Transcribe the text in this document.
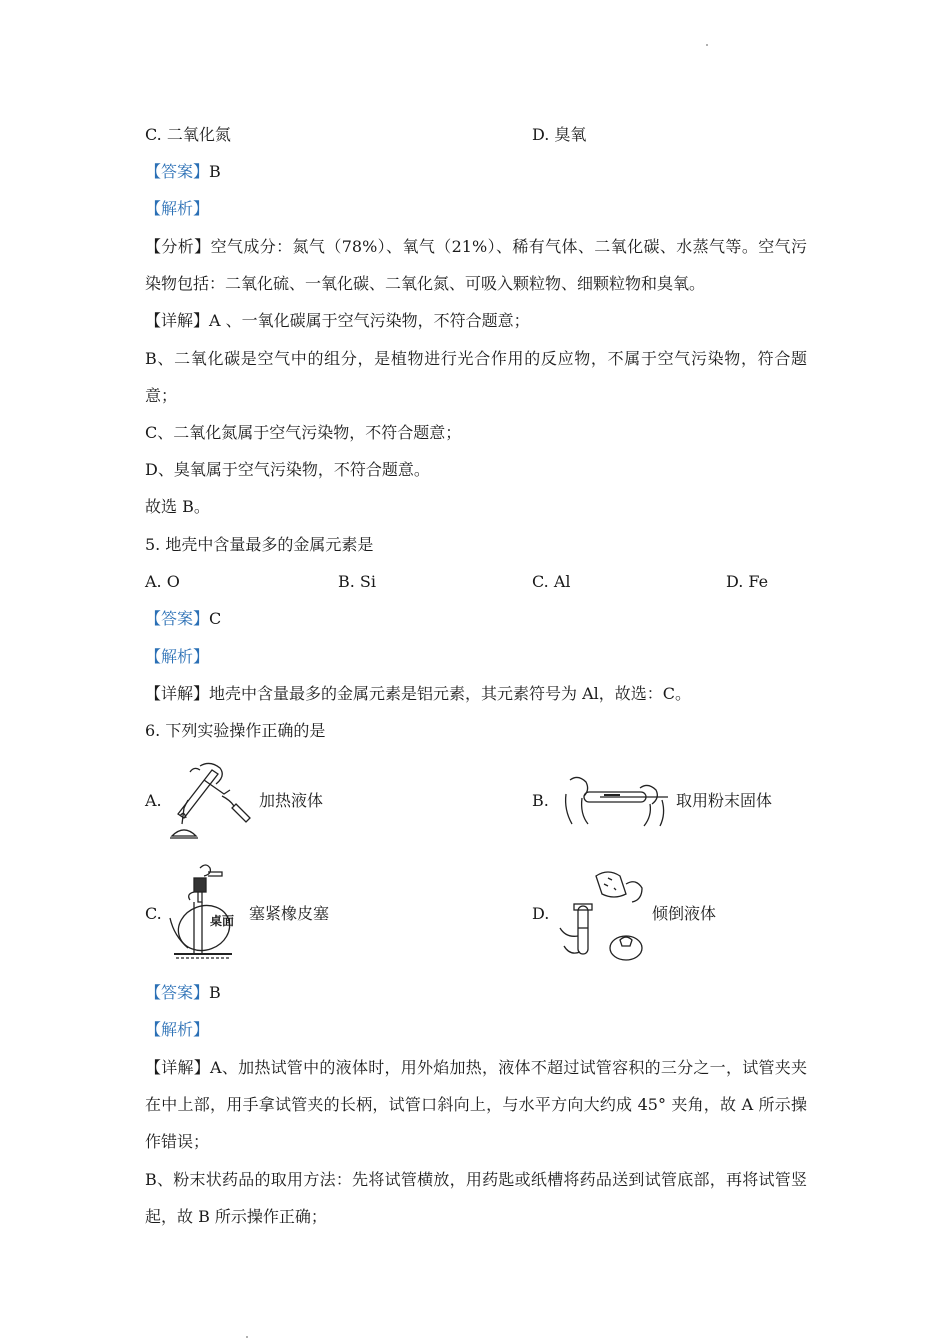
C. 二氧化氮	D. 臭氧
【答案】B
【解析】
【分析】空气成分：氮气（78%）、氧气（21%）、稀有气体、二氧化碳、水蒸气等。空气污染物包括：二氧化硫、一氧化碳、二氧化氮、可吸入颗粒物、细颗粒物和臭氧。
【详解】A 、一氧化碳属于空气污染物，不符合题意；
B、二氧化碳是空气中的组分，是植物进行光合作用的反应物，不属于空气污染物，符合题意；
C、二氧化氮属于空气污染物，不符合题意；
D、臭氧属于空气污染物，不符合题意。
故选 B。
5. 地壳中含量最多的金属元素是
A. O	B. Si	C. Al	D. Fe
【答案】C
【解析】
【详解】地壳中含量最多的金属元素是铝元素，其元素符号为 Al，故选：C。
6. 下列实验操作正确的是
A.	加热液体	B.	取用粉末固体
C.	桌面 塞紧橡皮塞	D.	倾倒液体
【答案】B
【解析】
【详解】A、加热试管中的液体时，用外焰加热，液体不超过试管容积的三分之一，试管夹夹在中上部，用手拿试管夹的长柄，试管口斜向上，与水平方向大约成 45° 夹角，故 A 所示操作错误；
B、粉末状药品的取用方法：先将试管横放，用药匙或纸槽将药品送到试管底部，再将试管竖起，故 B 所示操作正确；
